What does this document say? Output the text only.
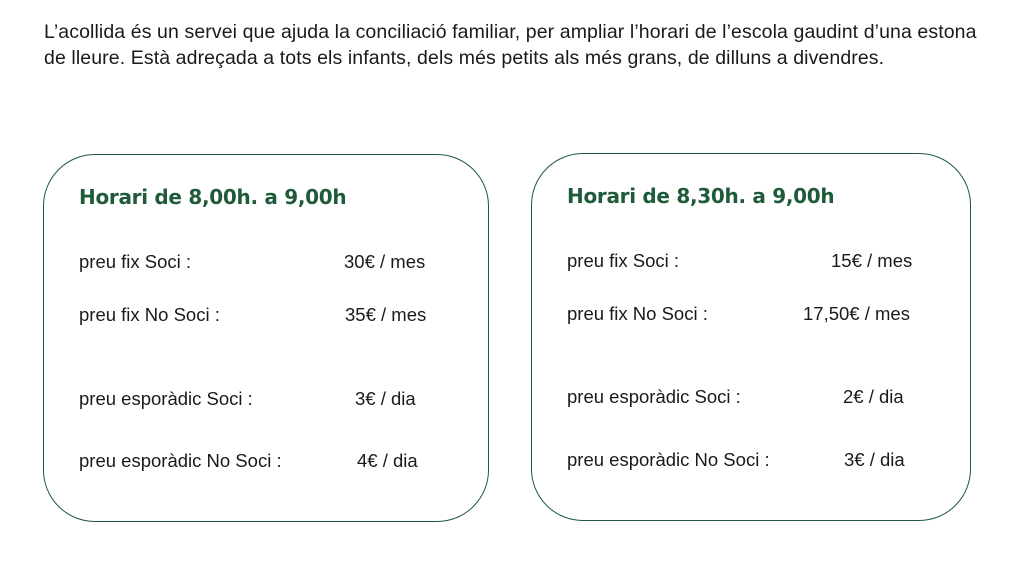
L’acollida és un servei que ajuda la conciliació familiar, per ampliar l’horari de l’escola gaudint d’una estona de lleure. Està adreçada a tots els infants, dels més petits als més grans, de dilluns a divendres.

Horari de 8,00h. a 9,00h
preu fix Soci :	30€ / mes
preu fix No Soci :	35€ / mes
preu esporàdic Soci :	3€ / dia
preu esporàdic No Soci :	4€ / dia
Horari de 8,30h. a 9,00h
preu fix Soci :	15€ / mes
preu fix No Soci :	17,50€ / mes
preu esporàdic Soci :	2€ / dia
preu esporàdic No Soci :	3€ / dia
